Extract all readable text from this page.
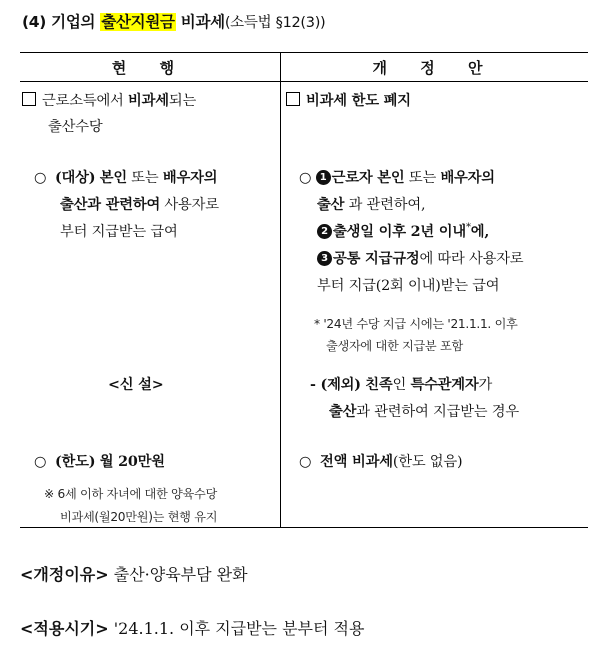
(4) 기업의 출산지원금 비과세(소득법 §12(3))
현 행	개 정 안
근로소득에서 비과세되는
출산수당
○ (대상) 본인 또는 배우자의
출산과 관련하여 사용자로
부터 지급받는 급여
<신 설>
○ (한도) 월 20만원
※ 6세 이하 자녀에 대한 양육수당
비과세(월20만원)는 현행 유지
비과세 한도 폐지
○ 1 근로자 본인 또는 배우자의
출산 과 관련하여,
2 출생일 이후 2년 이내*에,
3 공통 지급규정에 따라 사용자로
부터 지급(2회 이내)받는 급여
* '24년 수당 지급 시에는 '21.1.1. 이후
출생자에 대한 지급분 포함
- (제외) 친족인 특수관계자가
출산과 관련하여 지급받는 경우
○ 전액 비과세(한도 없음)
<개정이유> 출산·양육부담 완화
<적용시기> '24.1.1. 이후 지급받는 분부터 적용
